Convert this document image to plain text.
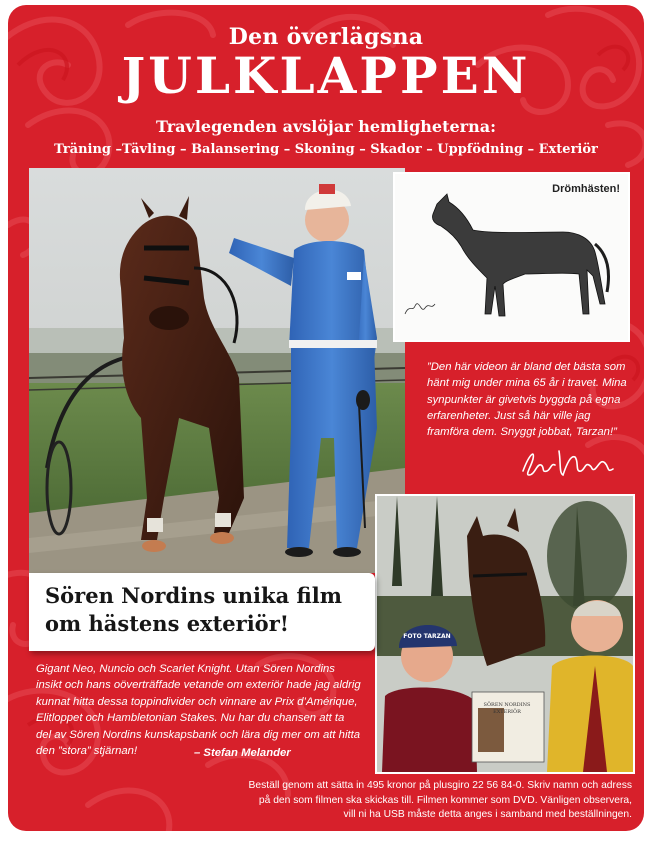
Den överlägsna
JULKLAPPEN
Travlegenden avslöjar hemligheterna:
Träning –Tävling – Balansering – Skoning – Skador – Uppfödning – Exteriör
Drömhästen!
”Den här videon är bland det bästa som hänt mig under mina 65 år i travet. Mina synpunkter är givetvis byggda på egna erfarenheter. Just så här ville jag framföra dem. Snyggt jobbat, Tarzan!”
SÖREN NORDINS
EXTERIÖR
FOTO TARZAN
Sören Nordins unika film
om hästens exteriör!
Gigant Neo, Nuncio och Scarlet Knight. Utan Sören Nordins insikt och hans oöverträffade vetande om exteriör hade jag aldrig kunnat hitta dessa toppindivider och vinnare av Prix d’Amérique, Elitloppet och Hambletonian Stakes. Nu har du chansen att ta del av Sören Nordins kunskapsbank och lära dig mer om att hitta den ”stora” stjärnan!	– Stefan Melander
Beställ genom att sätta in 495 kronor på plusgiro 22 56 84-0. Skriv namn och adress
på den som filmen ska skickas till. Filmen kommer som DVD. Vänligen observera,
vill ni ha USB måste detta anges i samband med beställningen.
